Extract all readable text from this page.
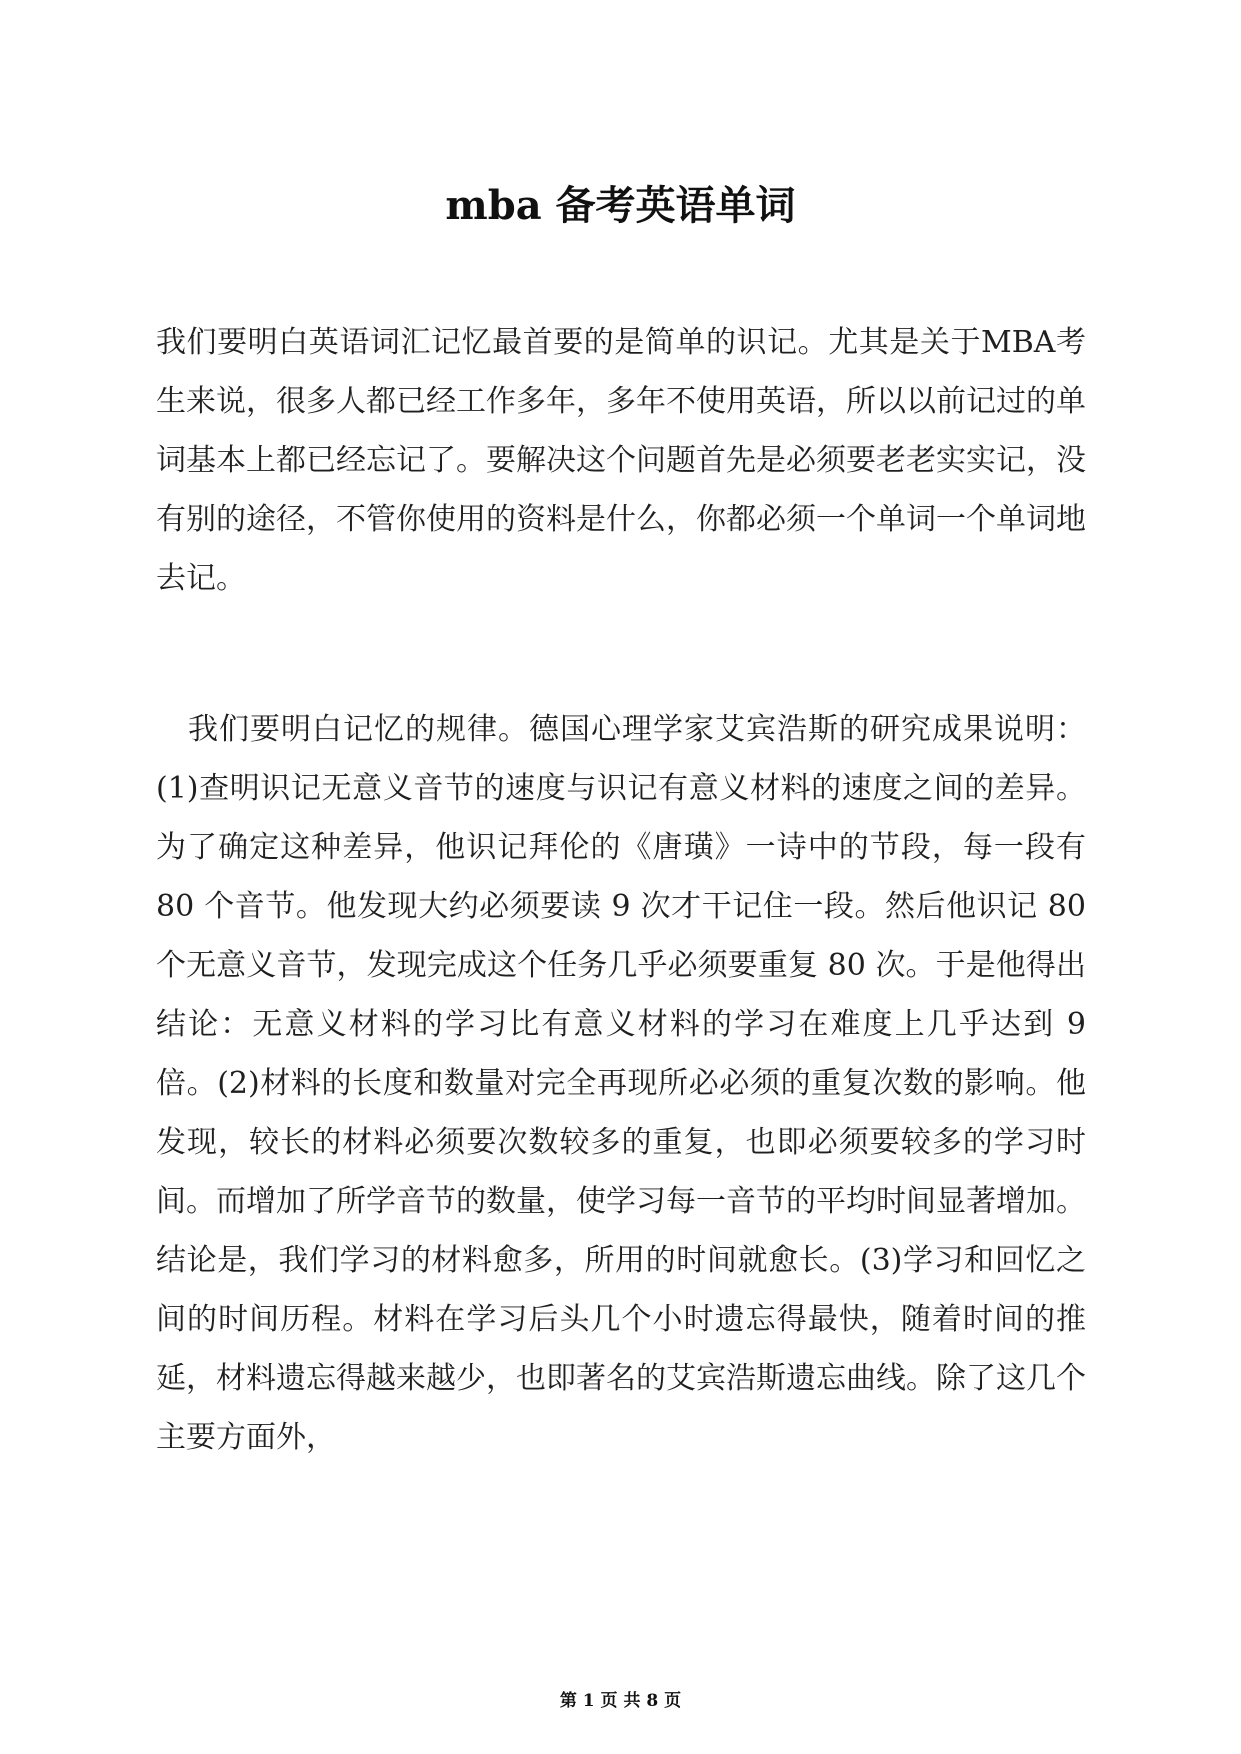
mba 备考英语单词

我们要明白英语词汇记忆最首要的是简单的识记。尤其是关于MBA考生来说，很多人都已经工作多年，多年不使用英语，所以以前记过的单词基本上都已经忘记了。要解决这个问题首先是必须要老老实实记，没有别的途径，不管你使用的资料是什么，你都必须一个单词一个单词地去记。

我们要明白记忆的规律。德国心理学家艾宾浩斯的研究成果说明：(1)查明识记无意义音节的速度与识记有意义材料的速度之间的差异。为了确定这种差异，他识记拜伦的《唐璜》一诗中的节段，每一段有 80 个音节。他发现大约必须要读 9 次才干记住一段。然后他识记 80 个无意义音节，发现完成这个任务几乎必须要重复 80 次。于是他得出结论：无意义材料的学习比有意义材料的学习在难度上几乎达到 9 倍。(2)材料的长度和数量对完全再现所必必须的重复次数的影响。他发现，较长的材料必须要次数较多的重复，也即必须要较多的学习时间。而增加了所学音节的数量，使学习每一音节的平均时间显著增加。结论是，我们学习的材料愈多，所用的时间就愈长。(3)学习和回忆之间的时间历程。材料在学习后头几个小时遗忘得最快，随着时间的推延，材料遗忘得越来越少，也即著名的艾宾浩斯遗忘曲线。除了这几个主要方面外，

第 1 页 共 8 页
